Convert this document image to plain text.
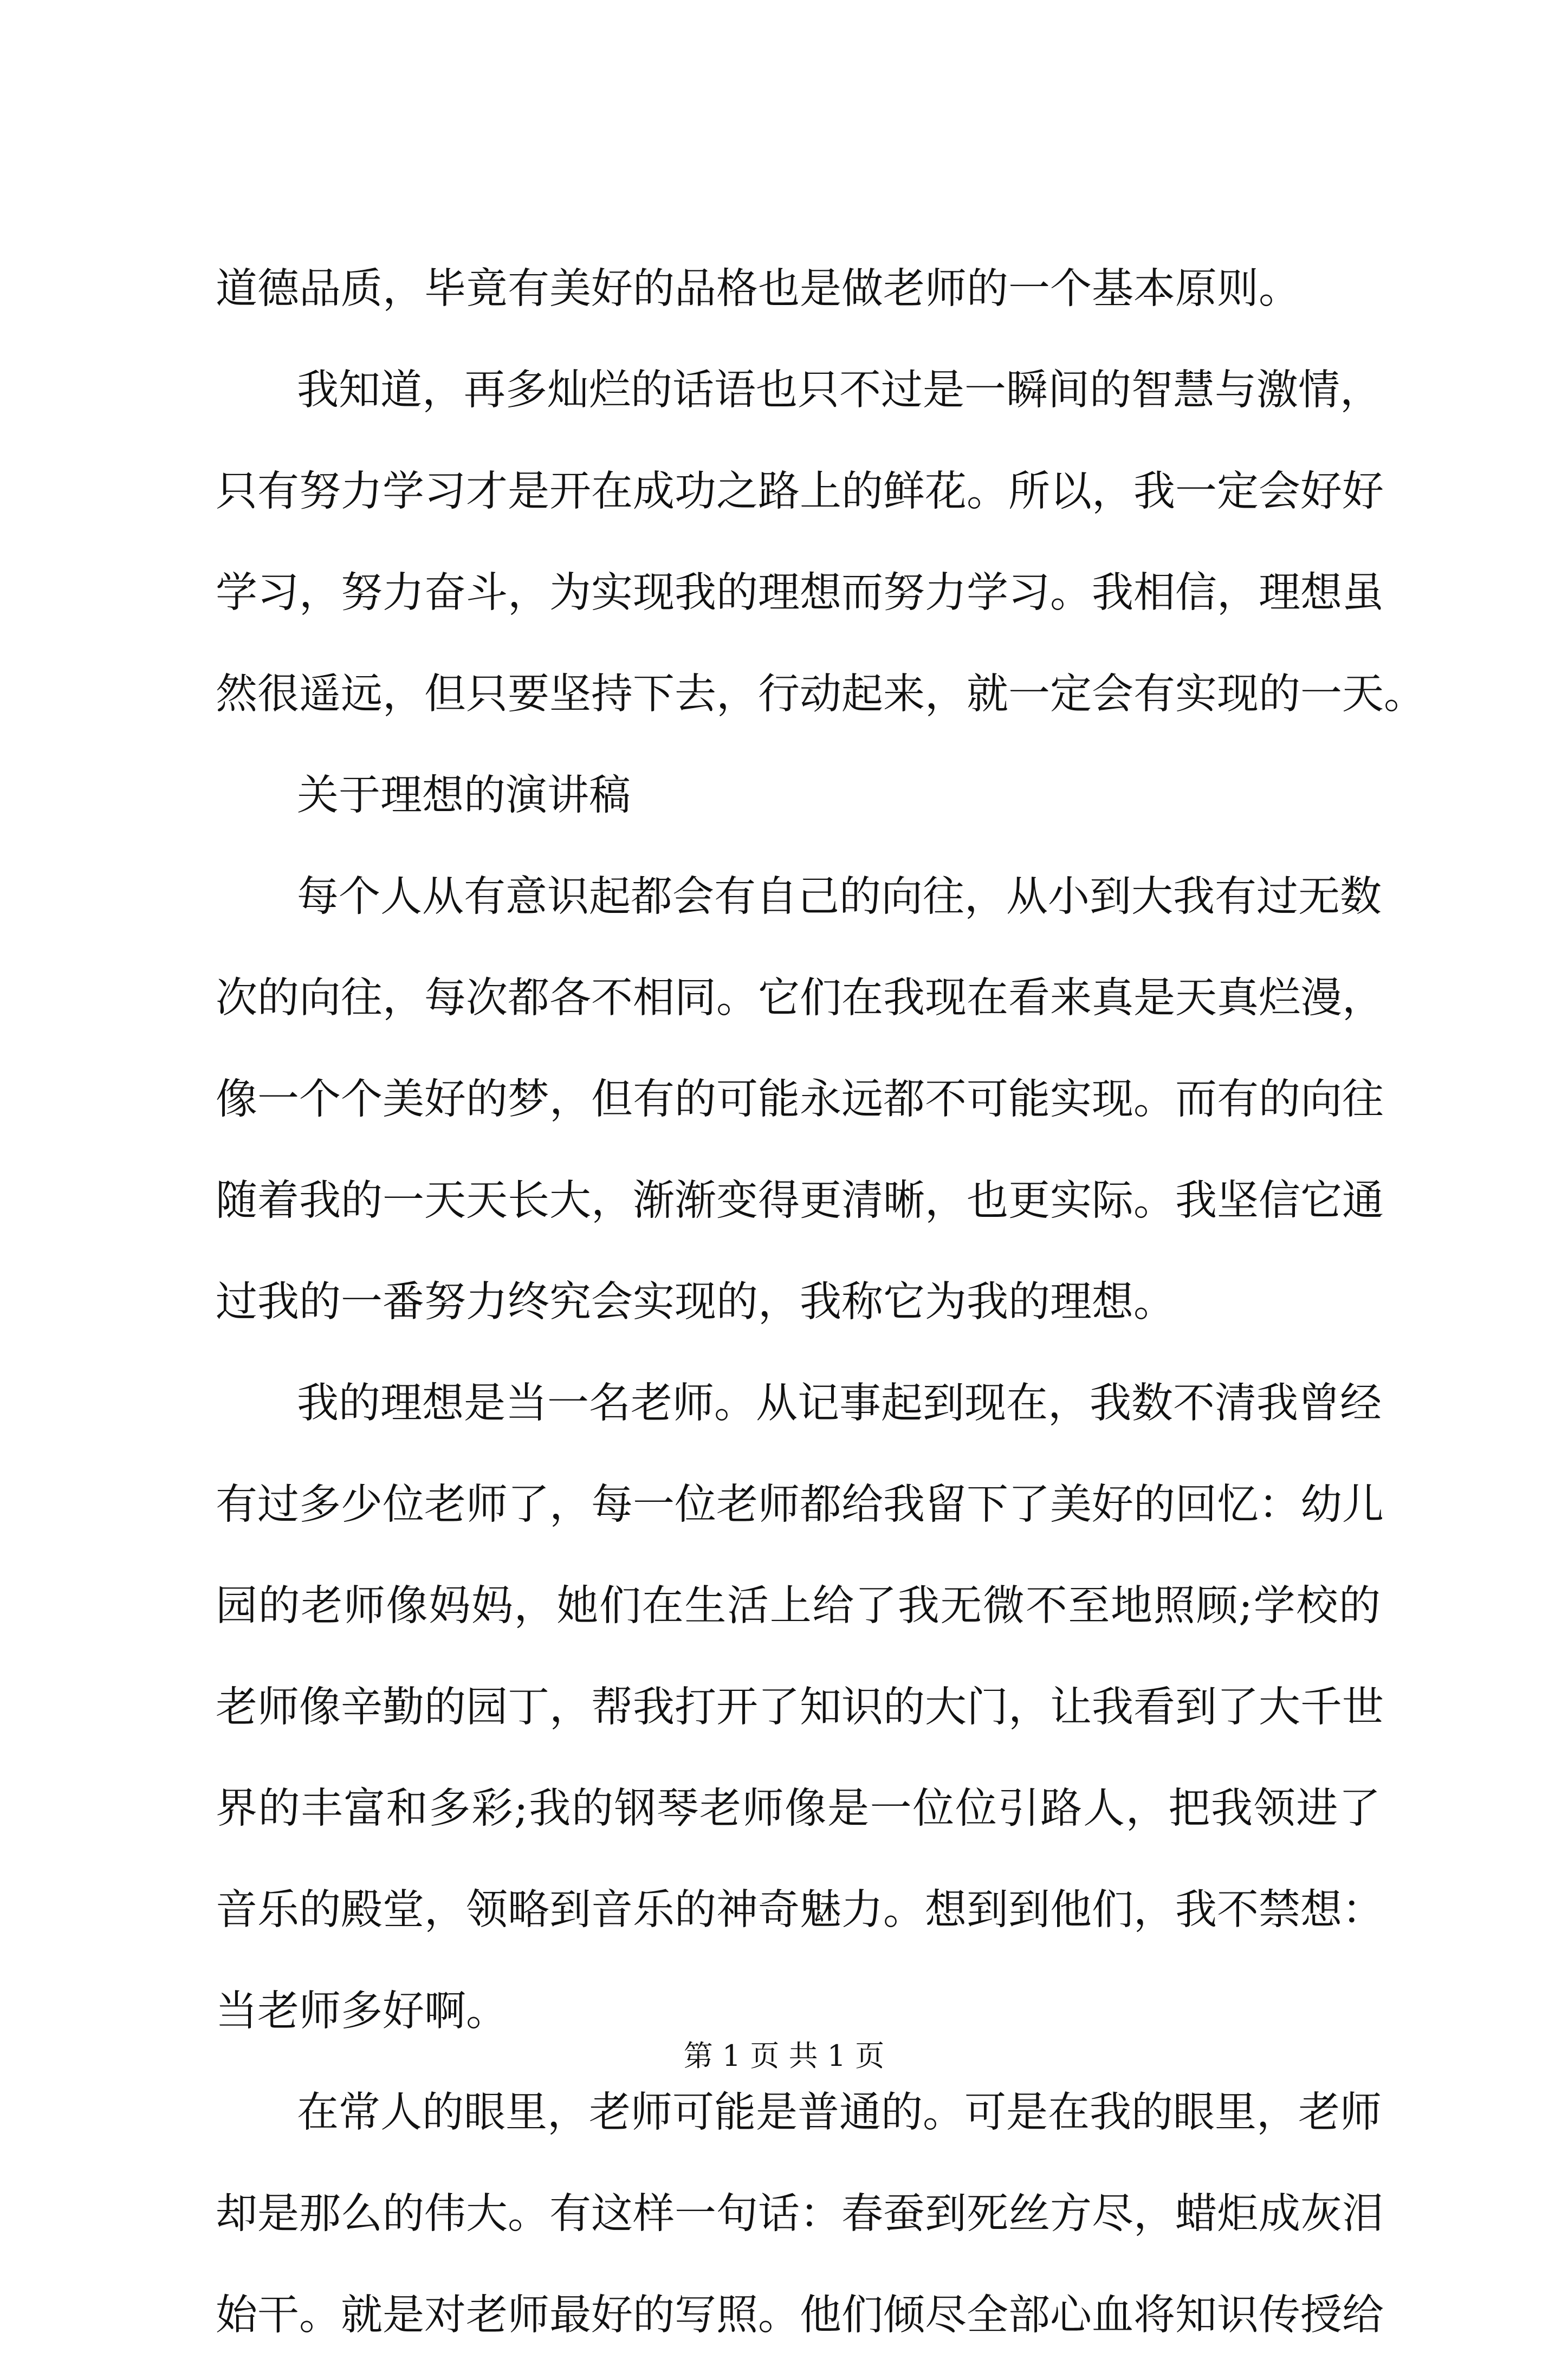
道德品质，毕竟有美好的品格也是做老师的一个基本原则。
我知道，再多灿烂的话语也只不过是一瞬间的智慧与激情，
只有努力学习才是开在成功之路上的鲜花。所以，我一定会好好
学习，努力奋斗，为实现我的理想而努力学习。我相信，理想虽
然很遥远，但只要坚持下去，行动起来，就一定会有实现的一天。
关于理想的演讲稿
每个人从有意识起都会有自己的向往，从小到大我有过无数
次的向往，每次都各不相同。它们在我现在看来真是天真烂漫，
像一个个美好的梦，但有的可能永远都不可能实现。而有的向往
随着我的一天天长大，渐渐变得更清晰，也更实际。我坚信它通
过我的一番努力终究会实现的，我称它为我的理想。
我的理想是当一名老师。从记事起到现在，我数不清我曾经
有过多少位老师了，每一位老师都给我留下了美好的回忆：幼儿
园的老师像妈妈，她们在生活上给了我无微不至地照顾;学校的
老师像辛勤的园丁，帮我打开了知识的大门，让我看到了大千世
界的丰富和多彩;我的钢琴老师像是一位位引路人，把我领进了
音乐的殿堂，领略到音乐的神奇魅力。想到到他们，我不禁想：
当老师多好啊。
在常人的眼里，老师可能是普通的。可是在我的眼里，老师
却是那么的伟大。有这样一句话：春蚕到死丝方尽，蜡炬成灰泪
始干。就是对老师最好的写照。他们倾尽全部心血将知识传授给
第 1 页 共 1 页
